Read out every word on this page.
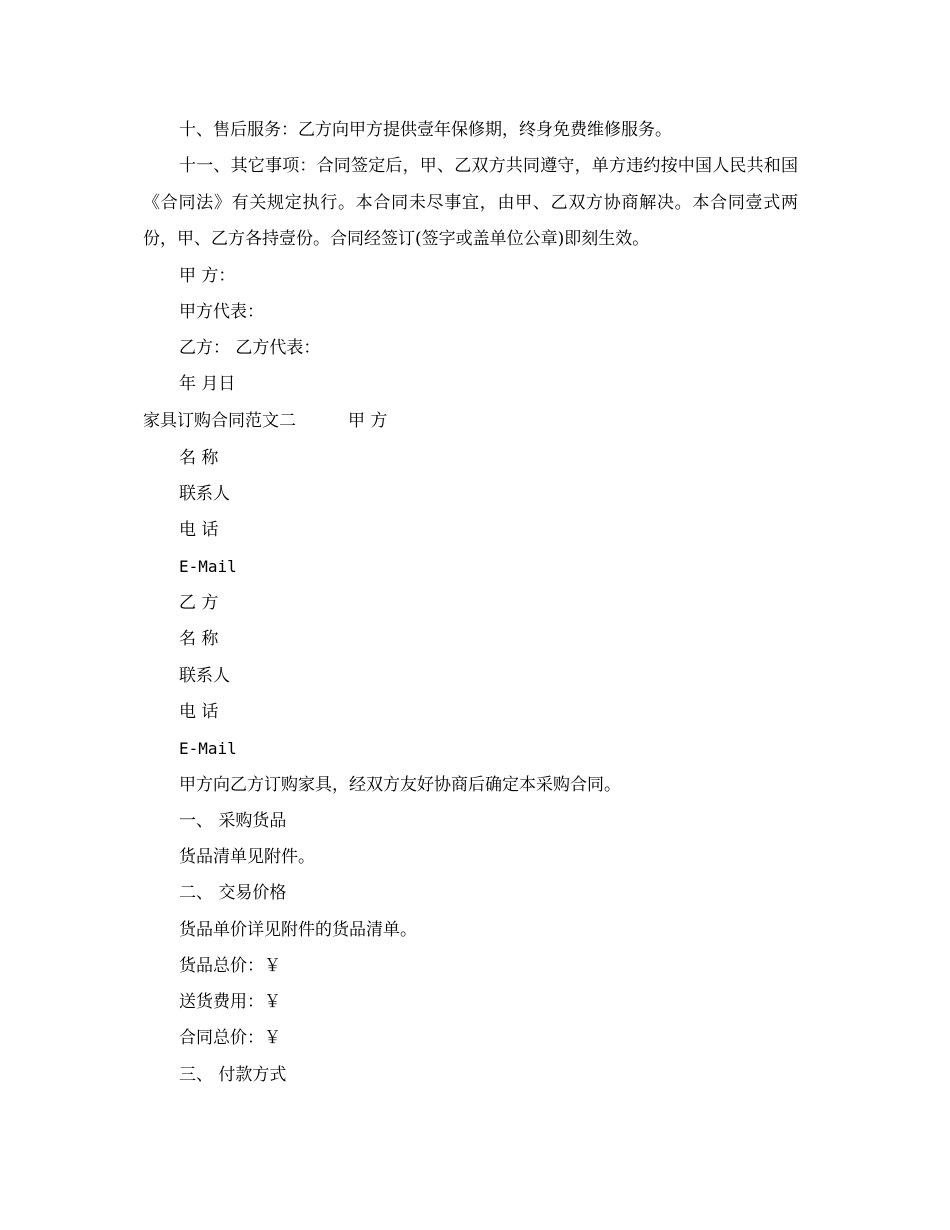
十、售后服务：乙方向甲方提供壹年保修期，终身免费维修服务。
十一、其它事项：合同签定后，甲、乙双方共同遵守，单方违约按中国人民共和国《合同法》有关规定执行。本合同未尽事宜，由甲、乙双方协商解决。本合同壹式两份，甲、乙方各持壹份。合同经签订(签字或盖单位公章)即刻生效。
甲 方：
甲方代表：
乙方： 乙方代表：
年 月日
家具订购合同范文二	甲 方
名 称
联系人
电 话
E-Mail
乙 方
名 称
联系人
电 话
E-Mail
甲方向乙方订购家具，经双方友好协商后确定本采购合同。
一、 采购货品
货品清单见附件。
二、 交易价格
货品单价详见附件的货品清单。
货品总价：￥
送货费用：￥
合同总价：￥
三、 付款方式
